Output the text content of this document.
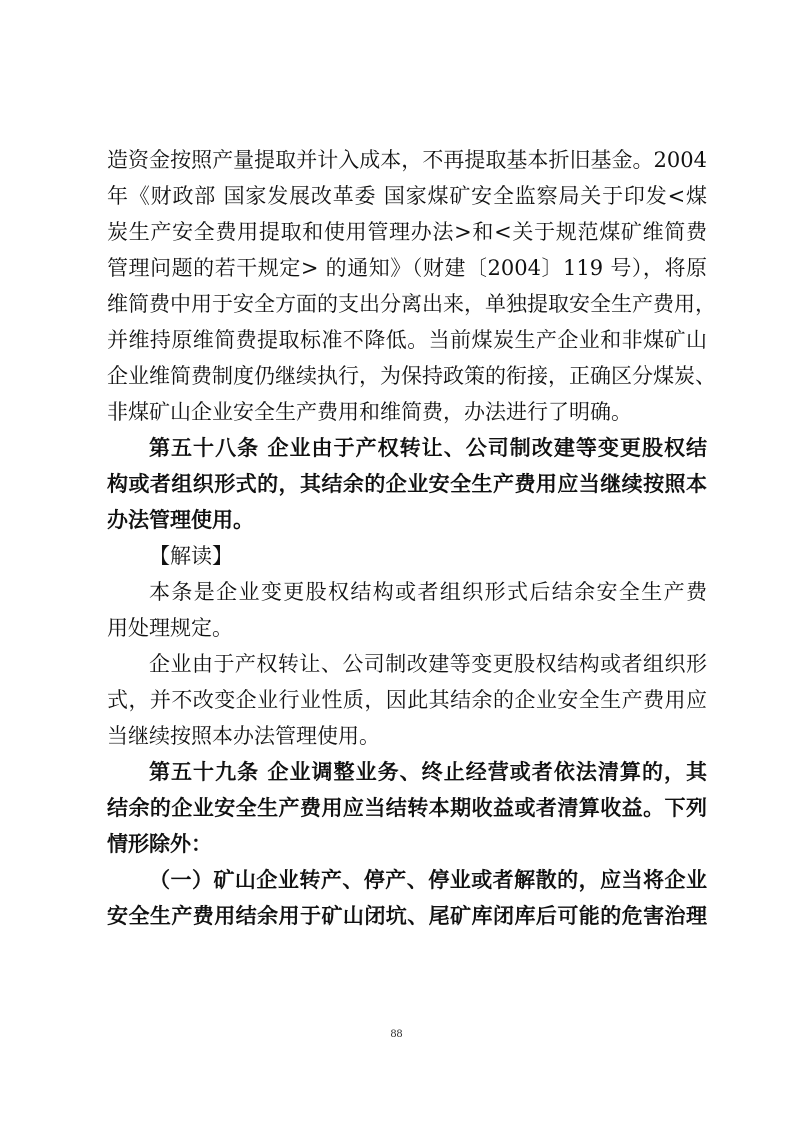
造资金按照产量提取并计入成本，不再提取基本折旧基金。2004
年《财政部 国家发展改革委 国家煤矿安全监察局关于印发<煤
炭生产安全费用提取和使用管理办法>和<关于规范煤矿维简费
管理问题的若干规定> 的通知》（财建〔2004〕119 号），将原
维简费中用于安全方面的支出分离出来，单独提取安全生产费用，
并维持原维简费提取标准不降低。当前煤炭生产企业和非煤矿山
企业维简费制度仍继续执行，为保持政策的衔接，正确区分煤炭、
非煤矿山企业安全生产费用和维简费，办法进行了明确。
第五十八条 企业由于产权转让、公司制改建等变更股权结
构或者组织形式的，其结余的企业安全生产费用应当继续按照本
办法管理使用。
【解读】
本条是企业变更股权结构或者组织形式后结余安全生产费
用处理规定。
企业由于产权转让、公司制改建等变更股权结构或者组织形
式，并不改变企业行业性质，因此其结余的企业安全生产费用应
当继续按照本办法管理使用。
第五十九条 企业调整业务、终止经营或者依法清算的，其
结余的企业安全生产费用应当结转本期收益或者清算收益。下列
情形除外：
（一）矿山企业转产、停产、停业或者解散的，应当将企业
安全生产费用结余用于矿山闭坑、尾矿库闭库后可能的危害治理
88
